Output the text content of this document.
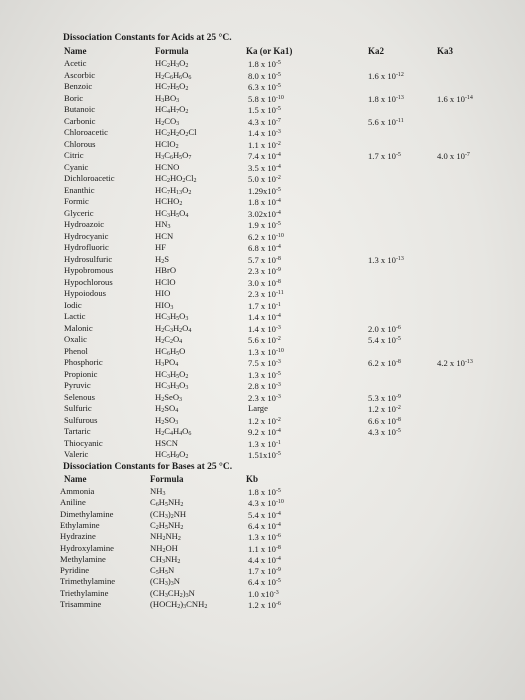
Dissociation Constants for Acids at 25 °C.
Name	Formula	Ka (or Ka1)	Ka2	Ka3
Acetic	$HC_2H_3O_2$	1.8 x $10^{-5}$
Ascorbic	$H_2C_6H_6O_6$	8.0 x $10^{-5}$	1.6 x $10^{-12}$
Benzoic	$HC_7H_5O_2$	6.3 x $10^{-5}$
Boric	$H_3BO_3$	5.8 x $10^{-10}$	1.8 x $10^{-13}$	1.6 x $10^{-14}$
Butanoic	$HC_4H_7O_2$	1.5 x $10^{-5}$
Carbonic	$H_2CO_3$	4.3 x $10^{-7}$	5.6 x $10^{-11}$
Chloroacetic	$HC_2H_2O_2Cl$	1.4 x $10^{-3}$
Chlorous	HClO$_2$	1.1 x $10^{-2}$
Citric	$H_3C_6H_5O_7$	7.4 x $10^{-4}$	1.7 x $10^{-5}$	4.0 x $10^{-7}$
Cyanic	HCNO	3.5 x $10^{-4}$
Dichloroacetic	$HC_2HO_2Cl_2$	5.0 x $10^{-2}$
Enanthic	$HC_7H_{13}O_2$	$1.29x10^{-5}$
Formic	$HCHO_2$	1.8 x $10^{-4}$
Glyceric	$HC_3H_5O_4$	$3.02x10^{-4}$
Hydroazoic	$HN_3$	1.9 x $10^{-5}$
Hydrocyanic	HCN	6.2 x $10^{-10}$
Hydrofluoric	HF	6.8 x $10^{-4}$
Hydrosulfuric	$H_2S$	5.7 x $10^{-8}$	1.3 x $10^{-13}$
Hypobromous	HBrO	2.3 x $10^{-9}$
Hypochlorous	HClO	3.0 x $10^{-8}$
Hypoiodous	HIO	2.3 x $10^{-11}$
Iodic	$HIO_3$	1.7 x $10^{-1}$
Lactic	$HC_3H_5O_3$	1.4 x $10^{-4}$
Malonic	$H_2C_3H_2O_4$	1.4 x $10^{-3}$	2.0 x $10^{-6}$
Oxalic	$H_2C_2O_4$	5.6 x $10^{-2}$	5.4 x $10^{-5}$
Phenol	$HC_6H_5O$	1.3 x $10^{-10}$
Phosphoric	$H_3PO_4$	7.5 x $10^{-3}$	6.2 x $10^{-8}$	4.2 x $10^{-13}$
Propionic	$HC_3H_5O_2$	1.3 x $10^{-5}$
Pyruvic	$HC_3H_3O_3$	2.8 x $10^{-3}$
Selenous	$H_2SeO_3$	2.3 x $10^{-3}$	5.3 x $10^{-9}$
Sulfuric	$H_2SO_4$	Large	1.2 x $10^{-2}$
Sulfurous	$H_2SO_3$	1.2 x $10^{-2}$	6.6 x $10^{-8}$
Tartaric	$H_2C_4H_4O_6$	9.2 x $10^{-4}$	4.3 x $10^{-5}$
Thiocyanic	HSCN	1.3 x $10^{-1}$
Valeric	$HC_5H_9O_2$	$1.51x10^{-5}$
Dissociation Constants for Bases at 25 °C.
Name	Formula	Kb
Ammonia	$NH_3$	1.8 x $10^{-5}$
Aniline	$C_6H_5NH_2$	4.3 x $10^{-10}$
Dimethylamine	$(CH_3)_2NH$	5.4 x $10^{-4}$
Ethylamine	$C_2H_5NH_2$	6.4 x $10^{-4}$
Hydrazine	$NH_2NH_2$	1.3 x $10^{-6}$
Hydroxylamine	$NH_2OH$	1.1 x $10^{-8}$
Methylamine	$CH_3NH_2$	4.4 x $10^{-4}$
Pyridine	$C_5H_5N$	1.7 x $10^{-9}$
Trimethylamine	$(CH_3)_3N$	6.4 x $10^{-5}$
Triethylamine	$(CH_3CH_2)_3N$	1.0 $x10^{-3}$
Trisammine	$(HOCH_2)_3CNH_2$	1.2 x $10^{-6}$
